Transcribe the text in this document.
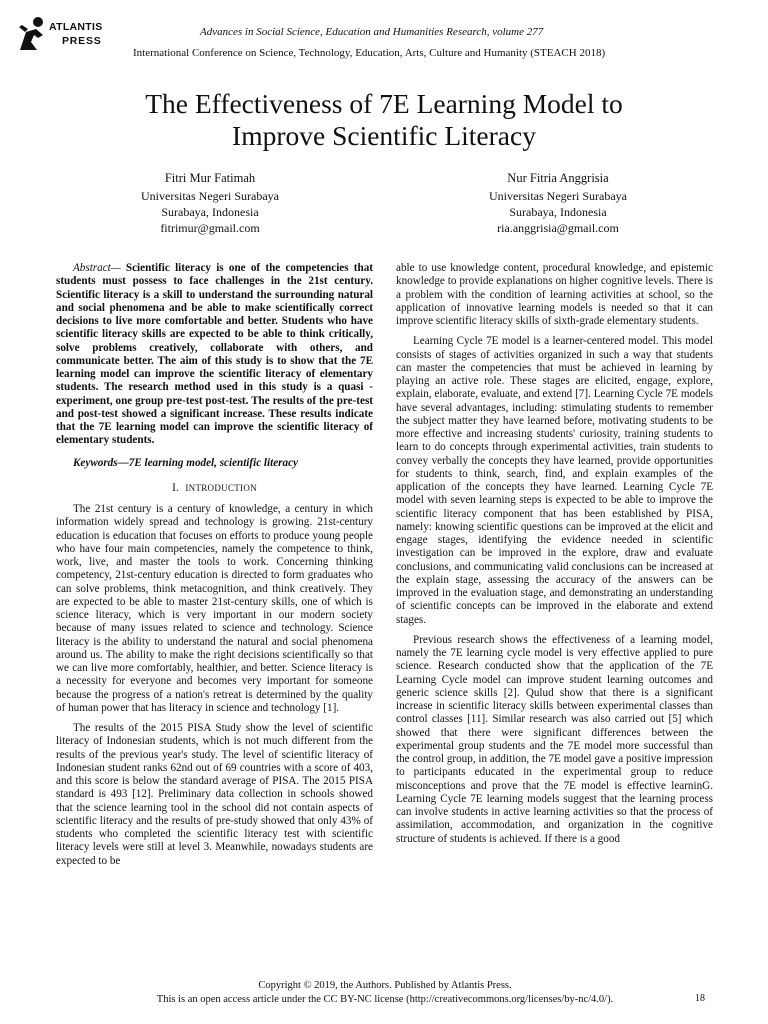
ATLANTIS
PRESS
Advances in Social Science, Education and Humanities Research, volume 277
International Conference on Science, Technology, Education, Arts, Culture and Humanity (STEACH 2018)
The Effectiveness of 7E Learning Model to
Improve Scientific Literacy
Fitri Mur Fatimah
Universitas Negeri Surabaya
Surabaya, Indonesia
fitrimur@gmail.com
Nur Fitria Anggrisia
Universitas Negeri Surabaya
Surabaya, Indonesia
ria.anggrisia@gmail.com

Abstract— Scientific literacy is one of the competencies that students must possess to face challenges in the 21st century. Scientific literacy is a skill to understand the surrounding natural and social phenomena and be able to make scientifically correct decisions to live more comfortable and better. Students who have scientific literacy skills are expected to be able to think critically, solve problems creatively, collaborate with others, and communicate better. The aim of this study is to show that the 7E learning model can improve the scientific literacy of elementary students. The research method used in this study is a quasi - experiment, one group pre-test post-test. The results of the pre-test and post-test showed a significant increase. These results indicate that the 7E learning model can improve the scientific literacy of elementary students.

Keywords—7E learning model, scientific literacy

I. INTRODUCTION

The 21st century is a century of knowledge, a century in which information widely spread and technology is growing. 21st-century education is education that focuses on efforts to produce young people who have four main competencies, namely the competence to think, work, live, and master the tools to work. Concerning thinking competency, 21st-century education is directed to form graduates who can solve problems, think metacognition, and think creatively. They are expected to be able to master 21st-century skills, one of which is science literacy, which is very important in our modern society because of many issues related to science and technology. Science literacy is the ability to understand the natural and social phenomena around us. The ability to make the right decisions scientifically so that we can live more comfortably, healthier, and better. Science literacy is a necessity for everyone and becomes very important for someone because the progress of a nation's retreat is determined by the quality of human power that has literacy in science and technology [1].

The results of the 2015 PISA Study show the level of scientific literacy of Indonesian students, which is not much different from the results of the previous year's study. The level of scientific literacy of Indonesian student ranks 62nd out of 69 countries with a score of 403, and this score is below the standard average of PISA. The 2015 PISA standard is 493 [12]. Preliminary data collection in schools showed that the science learning tool in the school did not contain aspects of scientific literacy and the results of pre-study showed that only 43% of students who completed the scientific literacy test with scientific literacy levels were still at level 3. Meanwhile, nowadays students are expected to be

able to use knowledge content, procedural knowledge, and epistemic knowledge to provide explanations on higher cognitive levels. There is a problem with the condition of learning activities at school, so the application of innovative learning models is needed so that it can improve scientific literacy skills of sixth-grade elementary students.

Learning Cycle 7E model is a learner-centered model. This model consists of stages of activities organized in such a way that students can master the competencies that must be achieved in learning by playing an active role. These stages are elicited, engage, explore, explain, elaborate, evaluate, and extend [7]. Learning Cycle 7E models have several advantages, including: stimulating students to remember the subject matter they have learned before, motivating students to be more effective and increasing students' curiosity, training students to learn to do concepts through experimental activities, train students to convey verbally the concepts they have learned, provide opportunities for students to think, search, find, and explain examples of the application of the concepts they have learned. Learning Cycle 7E model with seven learning steps is expected to be able to improve the scientific literacy component that has been established by PISA, namely: knowing scientific questions can be improved at the elicit and engage stages, identifying the evidence needed in scientific investigation can be improved in the explore, draw and evaluate conclusions, and communicating valid conclusions can be increased at the explain stage, assessing the accuracy of the answers can be improved in the evaluation stage, and demonstrating an understanding of scientific concepts can be improved in the elaborate and extend stages.

Previous research shows the effectiveness of a learning model, namely the 7E learning cycle model is very effective applied to pure science. Research conducted show that the application of the 7E Learning Cycle model can improve student learning outcomes and generic science skills [2]. Qulud show that there is a significant increase in scientific literacy skills between experimental classes than control classes [11]. Similar research was also carried out [5] which showed that there were significant differences between the experimental group students and the 7E model more successful than the control group, in addition, the 7E model gave a positive impression to participants educated in the experimental group to reduce misconceptions and prove that the 7E model is effective learninG. Learning Cycle 7E learning models suggest that the learning process can involve students in active learning activities so that the process of assimilation, accommodation, and organization in the cognitive structure of students is achieved. If there is a good

Copyright © 2019, the Authors. Published by Atlantis Press.
This is an open access article under the CC BY-NC license (http://creativecommons.org/licenses/by-nc/4.0/).	18
